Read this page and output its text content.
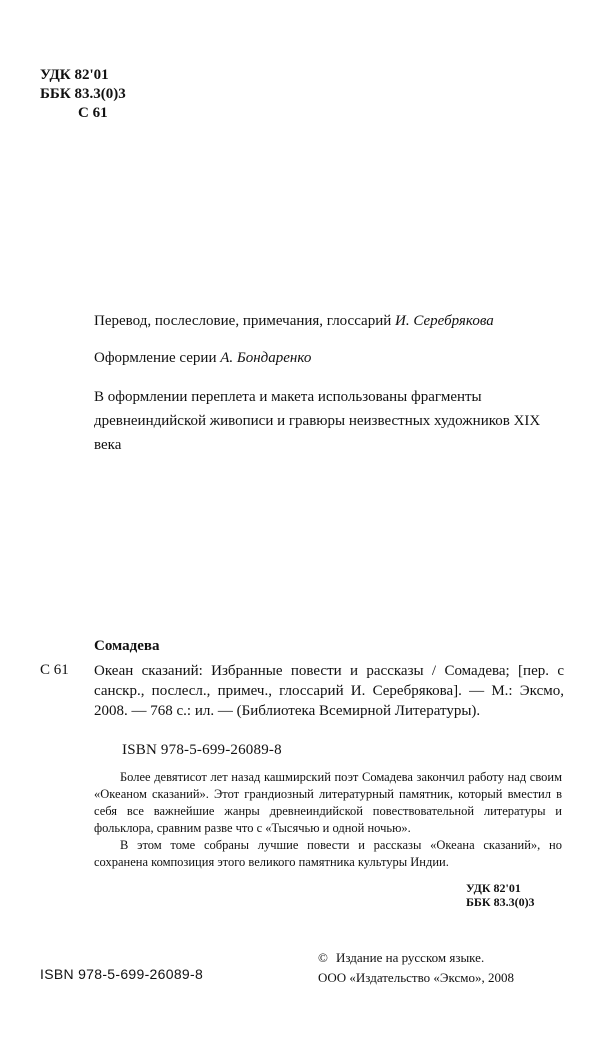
УДК 82'01
ББК 83.3(0)3
С 61
Перевод, послесловие, примечания, глоссарий И. Серебрякова
Оформление серии А. Бондаренко
В оформлении переплета и макета использованы фрагменты древнеиндийской живописи и гравюры неизвестных художников XIX века
Сомадева
С 61 Океан сказаний: Избранные повести и рассказы / Сомадева; [пер. с санскр., послесл., примеч., глоссарий И. Серебрякова]. — М.: Эксмо, 2008. — 768 с.: ил. — (Библиотека Всемирной Литературы).
ISBN 978-5-699-26089-8

Более девятисот лет назад кашмирский поэт Сомадева закончил работу над своим «Океаном сказаний». Этот грандиозный литературный памятник, который вместил в себя все важнейшие жанры древнеиндийской повествовательной литературы и фольклора, сравним разве что с «Тысячью и одной ночью».

В этом томе собраны лучшие повести и рассказы «Океана сказаний», но сохранена композиция этого великого памятника культуры Индии.

УДК 82'01
ББК 83.3(0)3
© Издание на русском языке.
ООО «Издательство «Эксмо», 2008
ISBN 978-5-699-26089-8
